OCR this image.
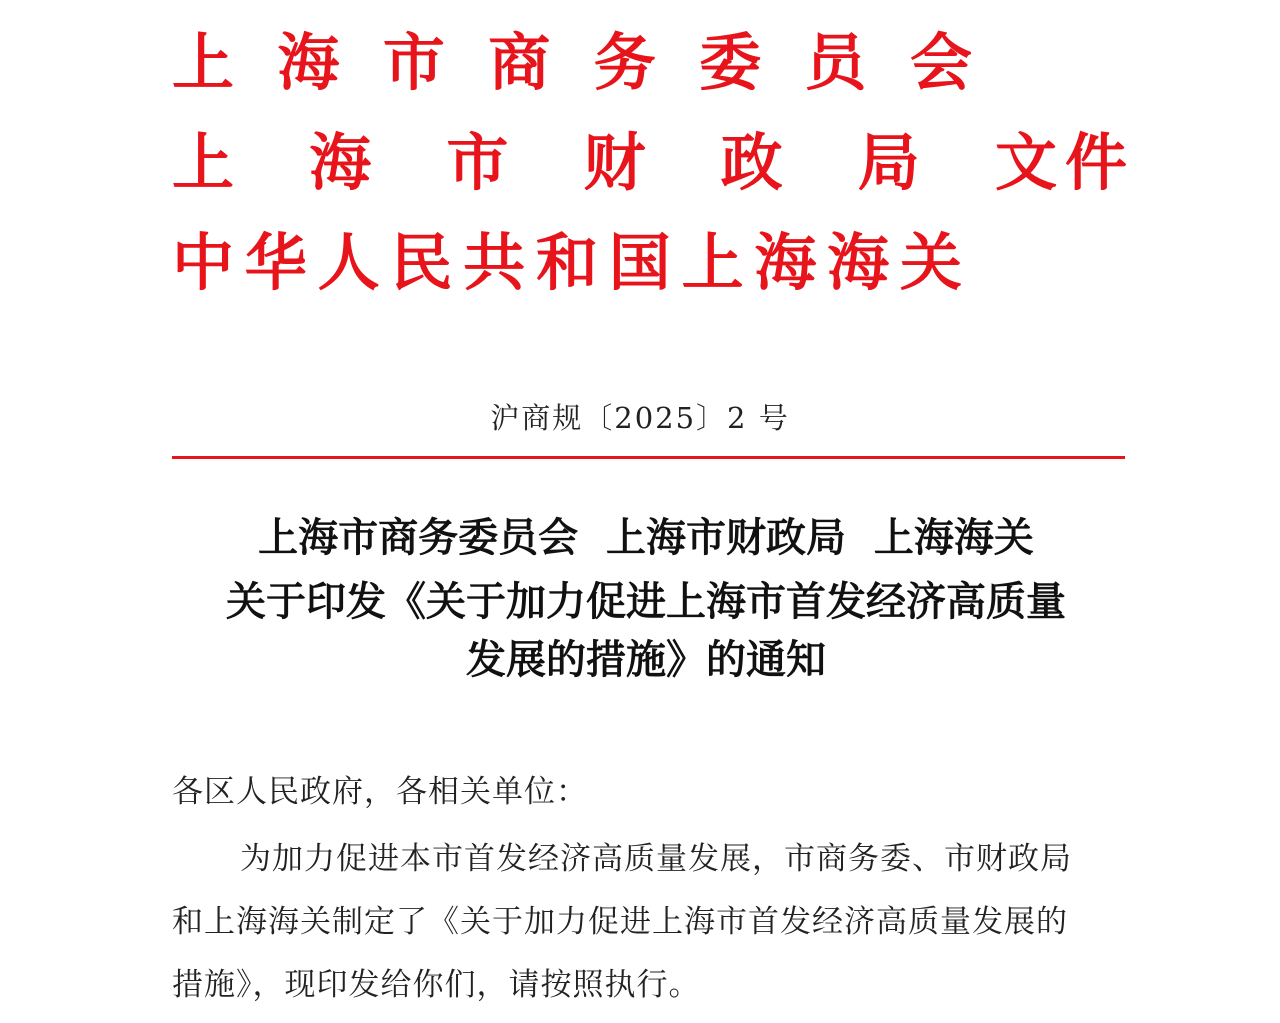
上 海 市 商 务 委 员 会
上 海 市 财 政 局 文 件
中 华 人 民 共 和 国 上 海 海 关
沪商规〔2025〕2 号
上海市商务委员会  上海市财政局  上海海关
关于印发《关于加力促进上海市首发经济高质量
发展的措施》的通知
各区人民政府，各相关单位：
为加力促进本市首发经济高质量发展，市商务委、市财政局
和上海海关制定了《关于加力促进上海市首发经济高质量发展的
措施》，现印发给你们，请按照执行。
